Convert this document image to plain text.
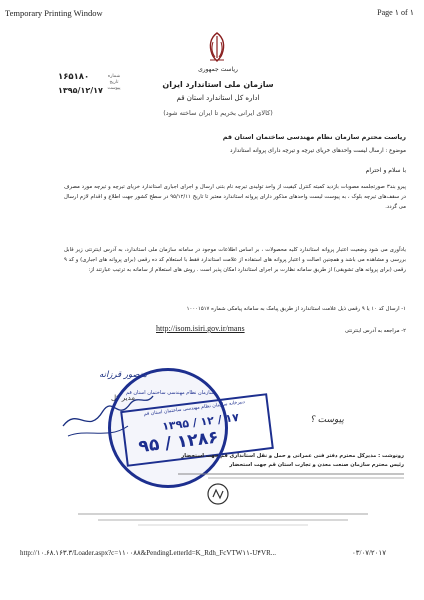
Temporary Printing Window	Page ١ of ١
ریاست جمهوری
سازمان ملی استاندارد ایران
اداره کل استاندارد استان قم
شماره تاریخ پیوست
۱۶۵۱۸۰
۱۳۹۵/۱۲/۱۷
(کالای ایرانی بخریم تا ایران ساخته شود)
ریاست محترم سازمان نظام مهندسی ساختمان استان قم
موضوع : ارسال لیست واحدهای خریای تیرچه و تیرچه دارای پروانه استاندارد
با سلام و احترام
پیرو بند۳ صورتجلسه مصوبات بازدید کمیته کنترل کیفیت از واحد تولیدی تیرچه نام بتنی ارسال و اجرای اجباری استاندارد خریای تیرچه و تیرچه مورد مصرف در سقف‌های تیرچه بلوک ، به پیوست لیست واحدهای مذکور دارای پروانه استاندارد معتبر تا تاریخ ۹۵/۱۲/۱۱ در سطح کشور جهت اطلاع و اقدام لازم ارسال می گردد.
یادآوری می شود وضعیت اعتبار پروانه استاندارد کلیه محصولات ، بر اساس اطلاعات موجود در سامانه سازمان ملی استاندارد، به آدرس اینترنتی زیر قابل بررسی و مشاهده می باشد و همچنین اصالت و اعتبار پروانه های استفاده از علامت استاندارد فقط با استعلام کد ده رقمی (برای پروانه های اجباری) و کد ۹ رقمی (برای پروانه های تشویقی) از طریق سامانه نظارت بر اجرای استاندارد امکان پذیر است . روش های استعلام از سامانه به ترتیب عبارتند از:
۱- ارسال کد ۱۰ یا ۹ رقمی ذیل علامت استاندارد از طریق پیامک به سامانه پیامکی شماره ۱۰۰۰۱۵۱۷
۲- مراجعه به آدرس اینترنتی
http://isom.isiri.gov.ir/mans
منصور قرزانه
مدیر کل
سازمان نظام مهندسی ساختمان استان قم
دبیرخانه سازمان نظام مهندسی ساختمان استان قم
۱۳۹۵ / ۱۲ / ۱۷
۹۵ / ۱۲۸۶
پیوست ؟
رونوشت : مدیرکل محترم دفتر فنی عمرانی و حمل و نقل استانداری قم جهت استحضار
رئیس محترم سازمان صنعت معدن و تجارت استان قم جهت استحضار
http://١٠.۶٨.١۶٣.٣/Loader.aspx?c=١١٠٠٨٨&PendingLetterId=K_Rdh_FcVTW١١-U۴VR...	٠٣/٠٧/٢٠١٧
